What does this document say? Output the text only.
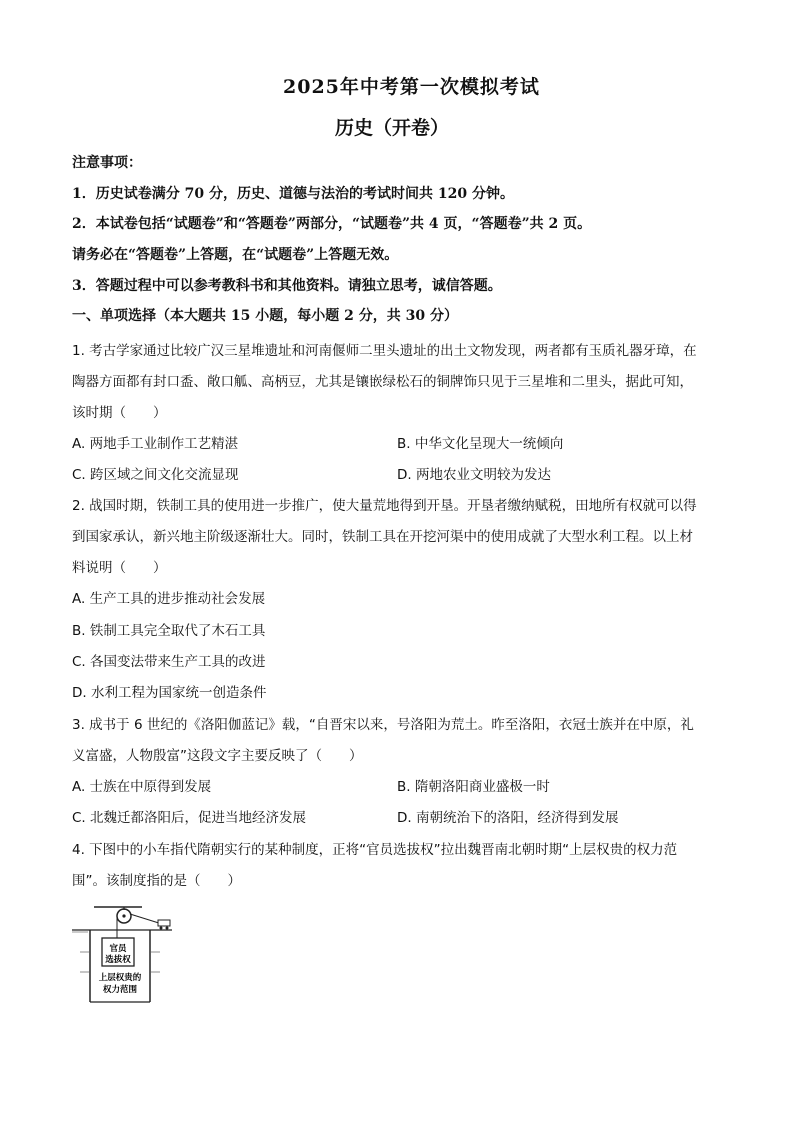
2025年中考第一次模拟考试
历史（开卷）
注意事项：
1．历史试卷满分 70 分，历史、道德与法治的考试时间共 120 分钟。
2．本试卷包括“试题卷”和“答题卷”两部分，“试题卷”共 4 页，“答题卷”共 2 页。
请务必在“答题卷”上答题，在“试题卷”上答题无效。
3．答题过程中可以参考教科书和其他资料。请独立思考，诚信答题。
一、单项选择（本大题共 15 小题，每小题 2 分，共 30 分）
1. 考古学家通过比较广汉三星堆遗址和河南偃师二里头遗址的出土文物发现，两者都有玉质礼器牙璋，在
陶器方面都有封口盉、敞口觚、高柄豆，尤其是镶嵌绿松石的铜牌饰只见于三星堆和二里头，据此可知，
该时期（　　）
A. 两地手工业制作工艺精湛	B. 中华文化呈现大一统倾向
C. 跨区域之间文化交流显现	D. 两地农业文明较为发达
2. 战国时期，铁制工具的使用进一步推广，使大量荒地得到开垦。开垦者缴纳赋税，田地所有权就可以得
到国家承认，新兴地主阶级逐渐壮大。同时，铁制工具在开挖河渠中的使用成就了大型水利工程。以上材
料说明（　　）
A. 生产工具的进步推动社会发展
B. 铁制工具完全取代了木石工具
C. 各国变法带来生产工具的改进
D. 水利工程为国家统一创造条件
3. 成书于 6 世纪的《洛阳伽蓝记》载，“自晋宋以来，号洛阳为荒土。昨至洛阳，衣冠士族并在中原，礼
义富盛，人物殷富”这段文字主要反映了（　　）
A. 士族在中原得到发展	B. 隋朝洛阳商业盛极一时
C. 北魏迁都洛阳后，促进当地经济发展	D. 南朝统治下的洛阳，经济得到发展
4. 下图中的小车指代隋朝实行的某种制度，正将“官员选拔权”拉出魏晋南北朝时期“上层权贵的权力范
围”。该制度指的是（　　）
官员
选拔权
上层权贵的
权力范围
